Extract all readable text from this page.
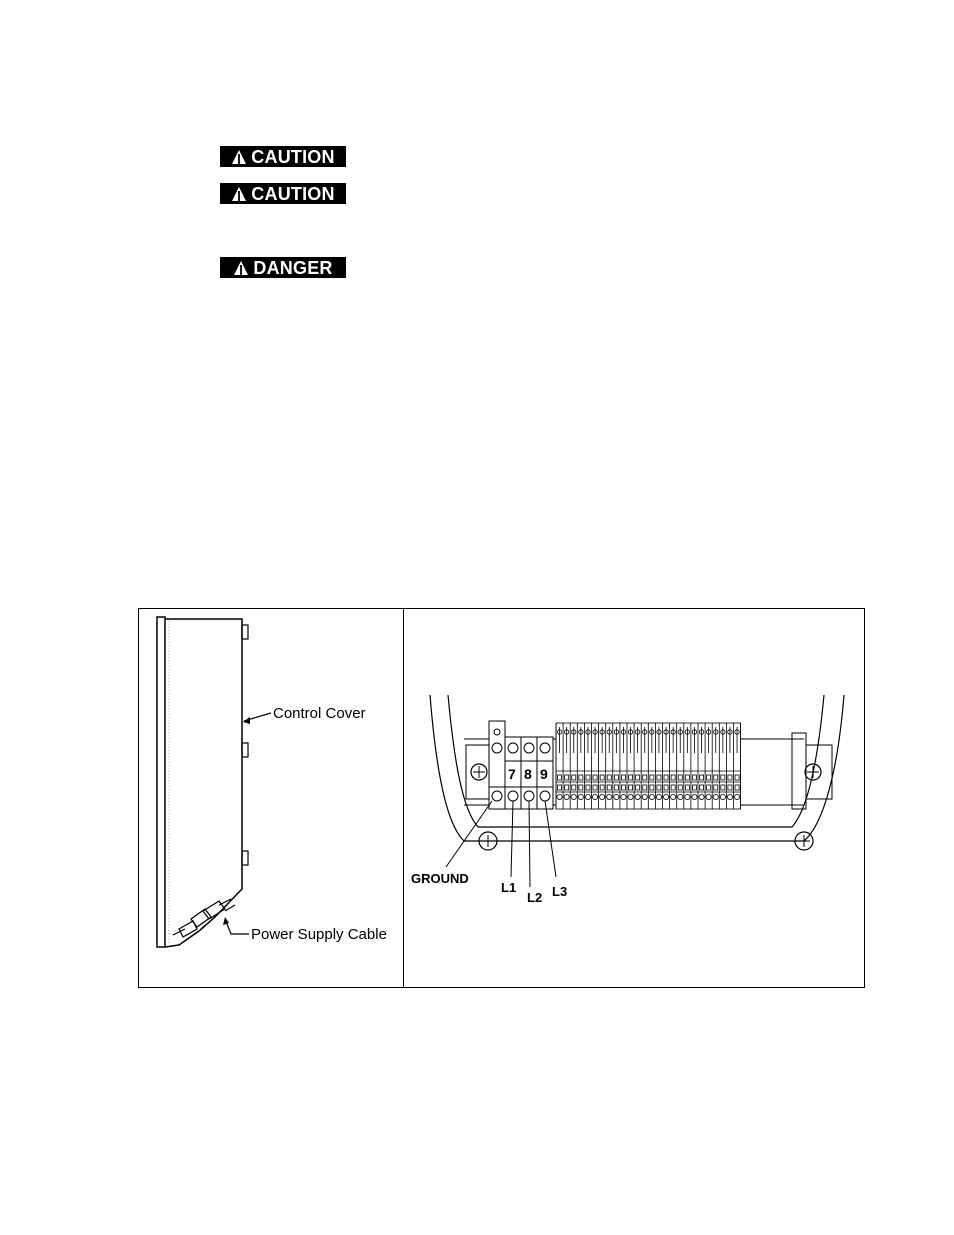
CAUTION
CAUTION
DANGER
Control Cover
Power Supply Cable
7 8 9
GROUND
L1
L2 L3
